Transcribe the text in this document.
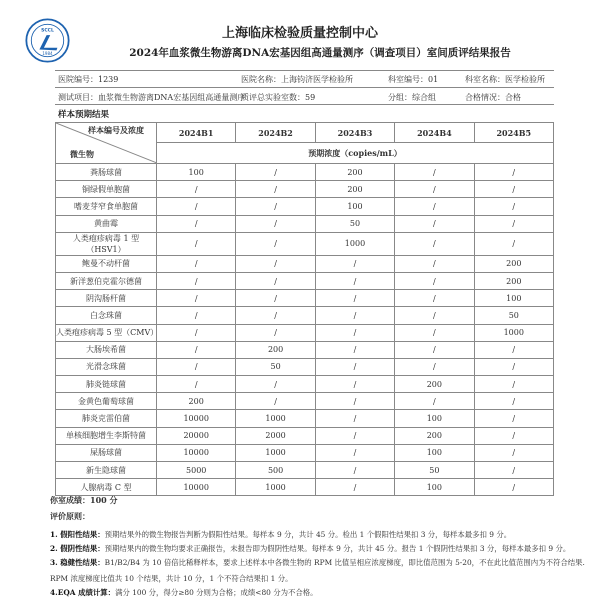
SCCL
1984
上海临床检验质量控制中心
2024年血浆微生物游离DNA宏基因组高通量测序（调查项目）室间质评结果报告
医院编号：1239	医院名称：上海钧济医学检验所	科室编号：01	科室名称：医学检验所
测试项目：血浆微生物游离DNA宏基因组高通量测序
质评总实验室数：59	分组：综合组	合格情况：合格
样本预期结果
样本编号及浓度
微生物	2024B1	2024B2	2024B3	2024B4	2024B5
	预期浓度（copies/mL）				
粪肠球菌	100	/	200	/	/
铜绿假单胞菌	/	/	200	/	/
嗜麦芽窄食单胞菌	/	/	100	/	/
黄曲霉	/	/	50	/	/
人类疱疹病毒 1 型（HSV1）	/	/	1000	/	/
鲍曼不动杆菌	/	/	/	/	200
新洋葱伯克霍尔德菌	/	/	/	/	200
阴沟肠杆菌	/	/	/	/	100
白念珠菌	/	/	/	/	50
人类疱疹病毒 5 型（CMV）	/	/	/	/	1000
大肠埃希菌	/	200	/	/	/
光滑念珠菌	/	50	/	/	/
肺炎链球菌	/	/	/	200	/
金黄色葡萄球菌	200	/	/	/	/
肺炎克雷伯菌	10000	1000	/	100	/
单核细胞增生李斯特菌	20000	2000	/	200	/
屎肠球菌	10000	1000	/	100	/
新生隐球菌	5000	500	/	50	/
人腺病毒 C 型	10000	1000	/	100	/
你室成绩：100 分
评价原则：
1. 假阳性结果：预期结果外的微生物报告判断为假阳性结果。每样本 9 分，共计 45 分。检出 1 个假阳性结果扣 3 分，每样本最多扣 9 分。
2. 假阴性结果：预期结果内的微生物均要求正确报告，未报告即为假阴性结果。每样本 9 分，共计 45 分。报告 1 个假阴性结果扣 3 分，每样本最多扣 9 分。
3. 稳健性结果：B1/B2/B4 为 10 倍倍比稀释样本，要求上述样本中各微生物的 RPM 比值呈相应浓度梯度，即比值范围为 5-20，不在此比值范围内为不符合结果.
RPM 浓度梯度比值共 10 个结果，共计 10 分，1 个不符合结果扣 1 分。
4.EQA 成绩计算：满分 100 分，得分≥80 分则为合格；成绩<80 分为不合格。
